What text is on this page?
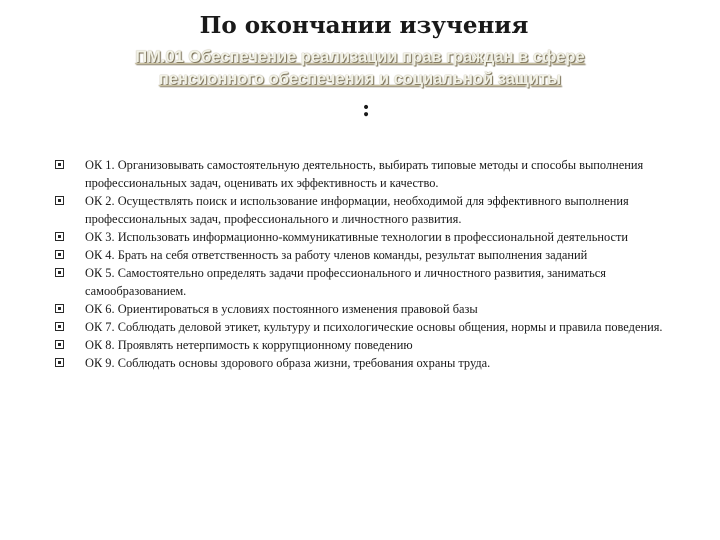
По окончании изучения
ПМ.01 Обеспечение реализации прав граждан в сфере
пенсионного обеспечения и социальной защиты
:
ОК 1. Организовывать самостоятельную деятельность, выбирать типовые методы и способы выполнения профессиональных задач, оценивать их эффективность и качество.
ОК 2. Осуществлять поиск и использование информации, необходимой для эффективного выполнения профессиональных задач, профессионального и личностного развития.
ОК 3. Использовать информационно-коммуникативные технологии в профессиональной деятельности
ОК 4. Брать на себя ответственность за работу членов команды, результат выполнения заданий
ОК 5. Самостоятельно определять задачи профессионального и личностного развития, заниматься самообразованием.
ОК 6. Ориентироваться в условиях постоянного изменения правовой базы
ОК 7. Соблюдать деловой этикет, культуру и психологические основы общения, нормы и правила поведения.
ОК 8. Проявлять нетерпимость к коррупционному поведению
ОК 9. Соблюдать основы здорового образа жизни, требования охраны труда.
